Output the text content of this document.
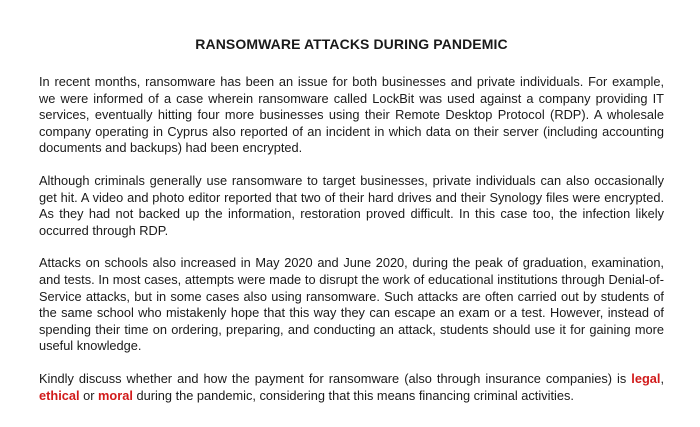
RANSOMWARE ATTACKS DURING PANDEMIC

In recent months, ransomware has been an issue for both businesses and private individuals. For example, we were informed of a case wherein ransomware called LockBit was used against a company providing IT services, eventually hitting four more businesses using their Remote Desktop Protocol (RDP). A wholesale company operating in Cyprus also reported of an incident in which data on their server (including accounting documents and backups) had been encrypted.

Although criminals generally use ransomware to target businesses, private individuals can also occasionally get hit. A video and photo editor reported that two of their hard drives and their Synology files were encrypted. As they had not backed up the information, restoration proved difficult. In this case too, the infection likely occurred through RDP.

Attacks on schools also increased in May 2020 and June 2020, during the peak of graduation, examination, and tests. In most cases, attempts were made to disrupt the work of educational institutions through Denial-of-Service attacks, but in some cases also using ransomware. Such attacks are often carried out by students of the same school who mistakenly hope that this way they can escape an exam or a test. However, instead of spending their time on ordering, preparing, and conducting an attack, students should use it for gaining more useful knowledge.

Kindly discuss whether and how the payment for ransomware (also through insurance companies) is legal, ethical or moral during the pandemic, considering that this means financing criminal activities.
